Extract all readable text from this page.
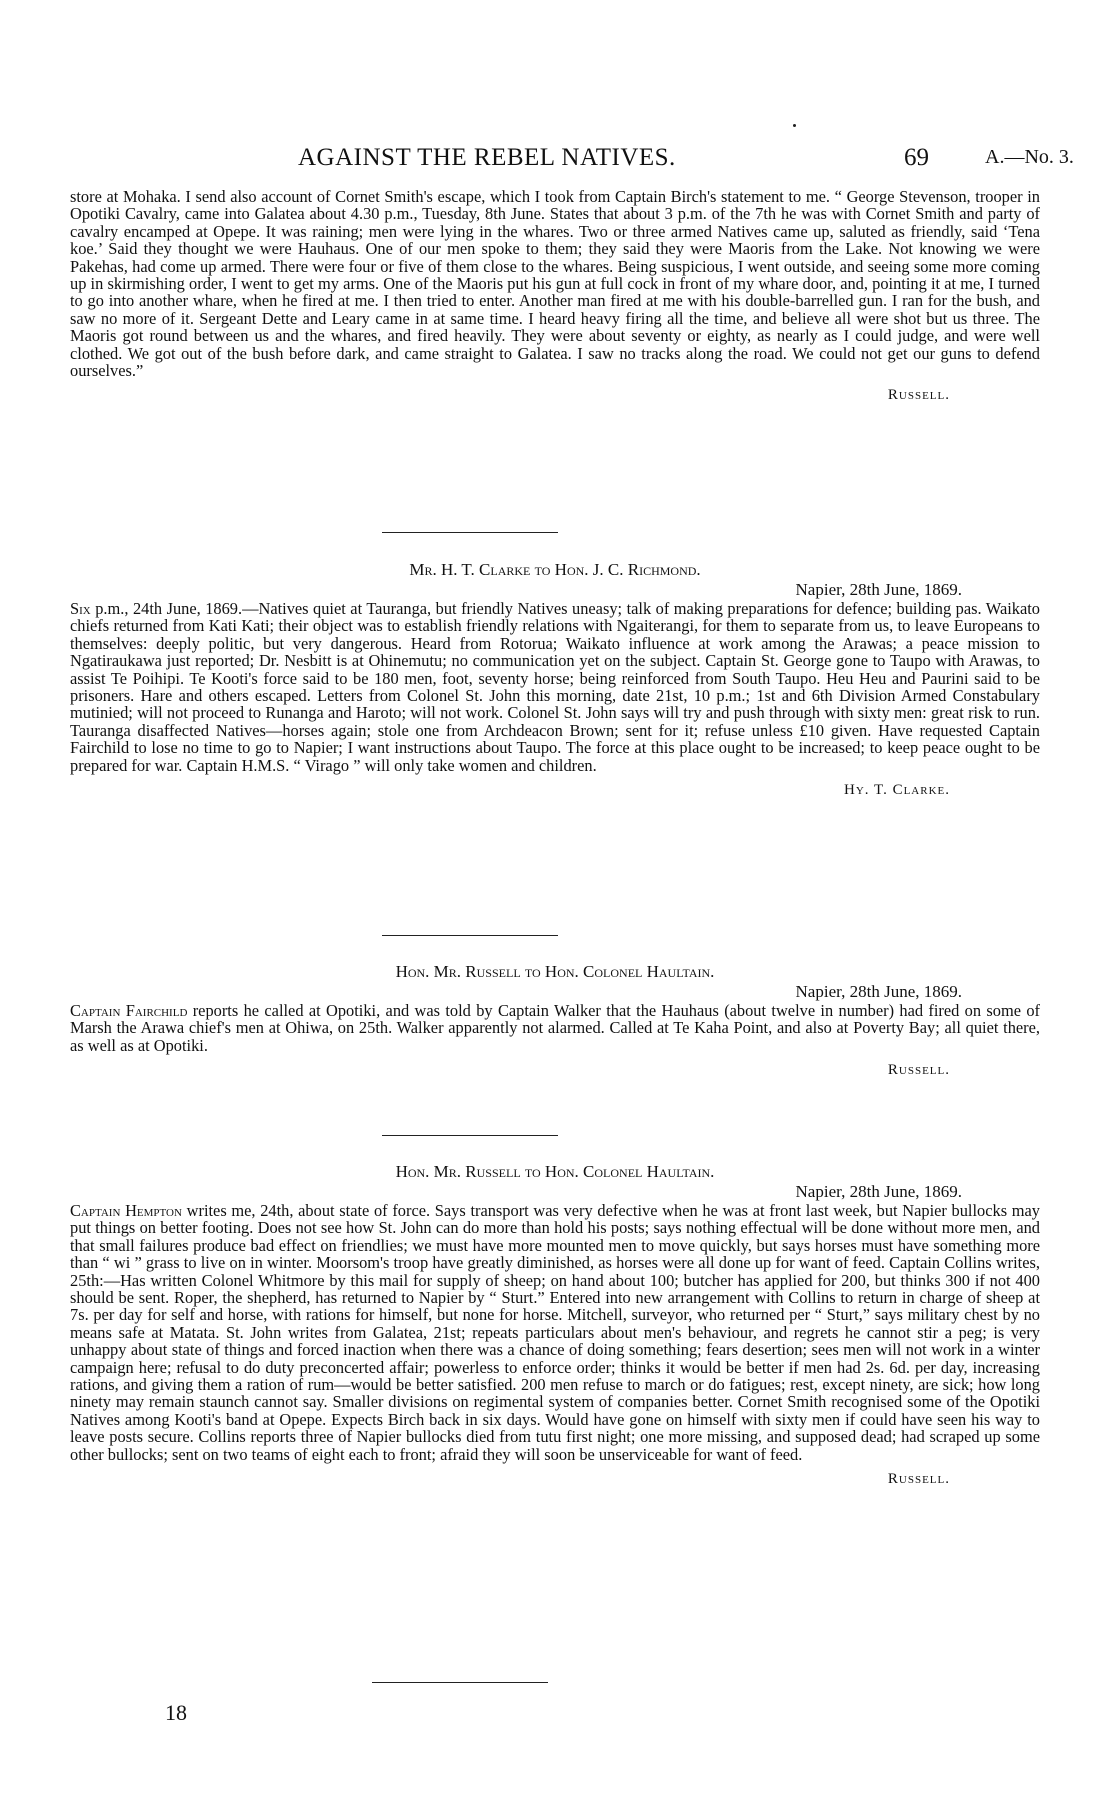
AGAINST THE REBEL NATIVES.	69	A.—No. 3.

store at Mohaka. I send also account of Cornet Smith's escape, which I took from Captain Birch's statement to me. “ George Stevenson, trooper in Opotiki Cavalry, came into Galatea about 4.30 p.m., Tuesday, 8th June. States that about 3 p.m. of the 7th he was with Cornet Smith and party of cavalry encamped at Opepe. It was raining; men were lying in the whares. Two or three armed Natives came up, saluted as friendly, said ‘Tena koe.’ Said they thought we were Hauhaus. One of our men spoke to them; they said they were Maoris from the Lake. Not knowing we were Pakehas, had come up armed. There were four or five of them close to the whares. Being suspicious, I went outside, and seeing some more coming up in skirmishing order, I went to get my arms. One of the Maoris put his gun at full cock in front of my whare door, and, pointing it at me, I turned to go into another whare, when he fired at me. I then tried to enter. Another man fired at me with his double-barrelled gun. I ran for the bush, and saw no more of it. Sergeant Dette and Leary came in at same time. I heard heavy firing all the time, and believe all were shot but us three. The Maoris got round between us and the whares, and fired heavily. They were about seventy or eighty, as nearly as I could judge, and were well clothed. We got out of the bush before dark, and came straight to Galatea. I saw no tracks along the road. We could not get our guns to defend ourselves.”

Russell.

Mr. H. T. Clarke to Hon. J. C. Richmond.

Napier, 28th June, 1869.

Six p.m., 24th June, 1869.—Natives quiet at Tauranga, but friendly Natives uneasy; talk of making preparations for defence; building pas. Waikato chiefs returned from Kati Kati; their object was to establish friendly relations with Ngaiterangi, for them to separate from us, to leave Europeans to themselves: deeply politic, but very dangerous. Heard from Rotorua; Waikato influence at work among the Arawas; a peace mission to Ngatiraukawa just reported; Dr. Nesbitt is at Ohinemutu; no communication yet on the subject. Captain St. George gone to Taupo with Arawas, to assist Te Poihipi. Te Kooti's force said to be 180 men, foot, seventy horse; being reinforced from South Taupo. Heu Heu and Paurini said to be prisoners. Hare and others escaped. Letters from Colonel St. John this morning, date 21st, 10 p.m.; 1st and 6th Division Armed Constabulary mutinied; will not proceed to Runanga and Haroto; will not work. Colonel St. John says will try and push through with sixty men: great risk to run. Tauranga disaffected Natives—horses again; stole one from Archdeacon Brown; sent for it; refuse unless £10 given. Have requested Captain Fairchild to lose no time to go to Napier; I want instructions about Taupo. The force at this place ought to be increased; to keep peace ought to be prepared for war. Captain H.M.S. “ Virago ” will only take women and children.

Hy. T. Clarke.

Hon. Mr. Russell to Hon. Colonel Haultain.

Napier, 28th June, 1869.

Captain Fairchild reports he called at Opotiki, and was told by Captain Walker that the Hauhaus (about twelve in number) had fired on some of Marsh the Arawa chief's men at Ohiwa, on 25th. Walker apparently not alarmed. Called at Te Kaha Point, and also at Poverty Bay; all quiet there, as well as at Opotiki.

Russell.

Hon. Mr. Russell to Hon. Colonel Haultain.

Napier, 28th June, 1869.

Captain Hempton writes me, 24th, about state of force. Says transport was very defective when he was at front last week, but Napier bullocks may put things on better footing. Does not see how St. John can do more than hold his posts; says nothing effectual will be done without more men, and that small failures produce bad effect on friendlies; we must have more mounted men to move quickly, but says horses must have something more than “ wi ” grass to live on in winter. Moorsom's troop have greatly diminished, as horses were all done up for want of feed. Captain Collins writes, 25th:—Has written Colonel Whitmore by this mail for supply of sheep; on hand about 100; butcher has applied for 200, but thinks 300 if not 400 should be sent. Roper, the shepherd, has returned to Napier by “ Sturt.” Entered into new arrangement with Collins to return in charge of sheep at 7s. per day for self and horse, with rations for himself, but none for horse. Mitchell, surveyor, who returned per “ Sturt,” says military chest by no means safe at Matata. St. John writes from Galatea, 21st; repeats particulars about men's behaviour, and regrets he cannot stir a peg; is very unhappy about state of things and forced inaction when there was a chance of doing something; fears desertion; sees men will not work in a winter campaign here; refusal to do duty preconcerted affair; powerless to enforce order; thinks it would be better if men had 2s. 6d. per day, increasing rations, and giving them a ration of rum—would be better satisfied. 200 men refuse to march or do fatigues; rest, except ninety, are sick; how long ninety may remain staunch cannot say. Smaller divisions on regimental system of companies better. Cornet Smith recognised some of the Opotiki Natives among Kooti's band at Opepe. Expects Birch back in six days. Would have gone on himself with sixty men if could have seen his way to leave posts secure. Collins reports three of Napier bullocks died from tutu first night; one more missing, and supposed dead; had scraped up some other bullocks; sent on two teams of eight each to front; afraid they will soon be unserviceable for want of feed.

Russell.

18
